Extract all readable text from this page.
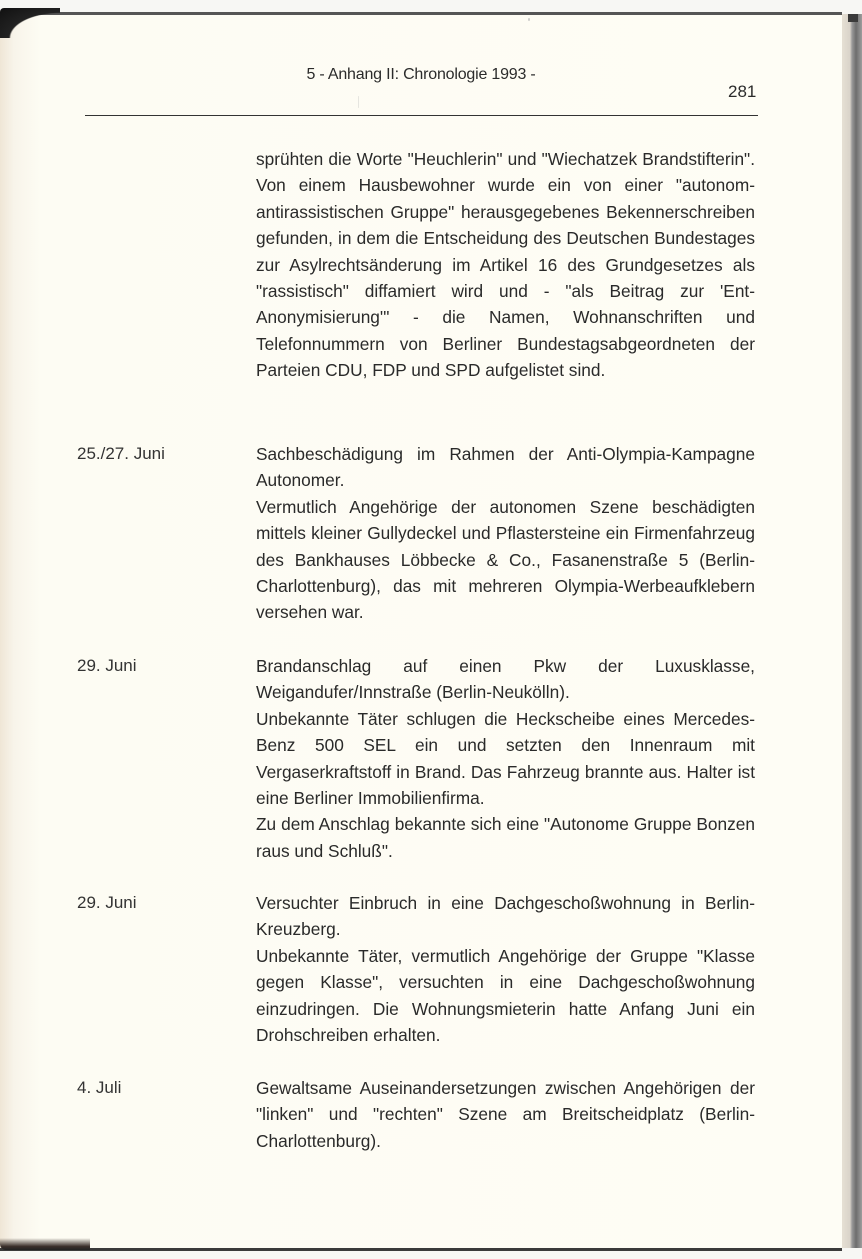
5 - Anhang II: Chronologie 1993 -
281

sprühten die Worte "Heuchlerin" und "Wiechatzek Brandstifterin". Von einem Hausbewohner wurde ein von einer "autonom-antirassistischen Gruppe" herausgegebenes Bekennerschreiben gefunden, in dem die Entscheidung des Deutschen Bundestages zur Asylrechtsänderung im Artikel 16 des Grundgesetzes als "rassistisch" diffamiert wird und - "als Beitrag zur 'EntAnonymisierung'" - die Namen, Wohnanschriften und Telefonnummern von Berliner Bundestagsabgeordneten der Parteien CDU, FDP und SPD aufgelistet sind.

25./27. Juni	Sachbeschädigung im Rahmen der Anti-Olympia-Kampagne Autonomer.

Vermutlich Angehörige der autonomen Szene beschädigten mittels kleiner Gullydeckel und Pflastersteine ein Firmenfahrzeug des Bankhauses Löbbecke & Co., Fasanenstraße 5 (Berlin-Charlottenburg), das mit mehreren Olympia-Werbeaufklebern versehen war.

29. Juni	Brandanschlag auf einen Pkw der Luxusklasse, Weigandufer/Innstraße (Berlin-Neukölln).

Unbekannte Täter schlugen die Heckscheibe eines Mercedes-Benz 500 SEL ein und setzten den Innenraum mit Vergaserkraftstoff in Brand. Das Fahrzeug brannte aus. Halter ist eine Berliner Immobilienfirma.

Zu dem Anschlag bekannte sich eine "Autonome Gruppe Bonzen raus und Schluß".

29. Juni	Versuchter Einbruch in eine Dachgeschoßwohnung in Berlin-Kreuzberg.

Unbekannte Täter, vermutlich Angehörige der Gruppe "Klasse gegen Klasse", versuchten in eine Dachgeschoßwohnung einzudringen. Die Wohnungsmieterin hatte Anfang Juni ein Drohschreiben erhalten.

4. Juli	Gewaltsame Auseinandersetzungen zwischen Angehörigen der "linken" und "rechten" Szene am Breitscheidplatz (Berlin-Charlottenburg).
